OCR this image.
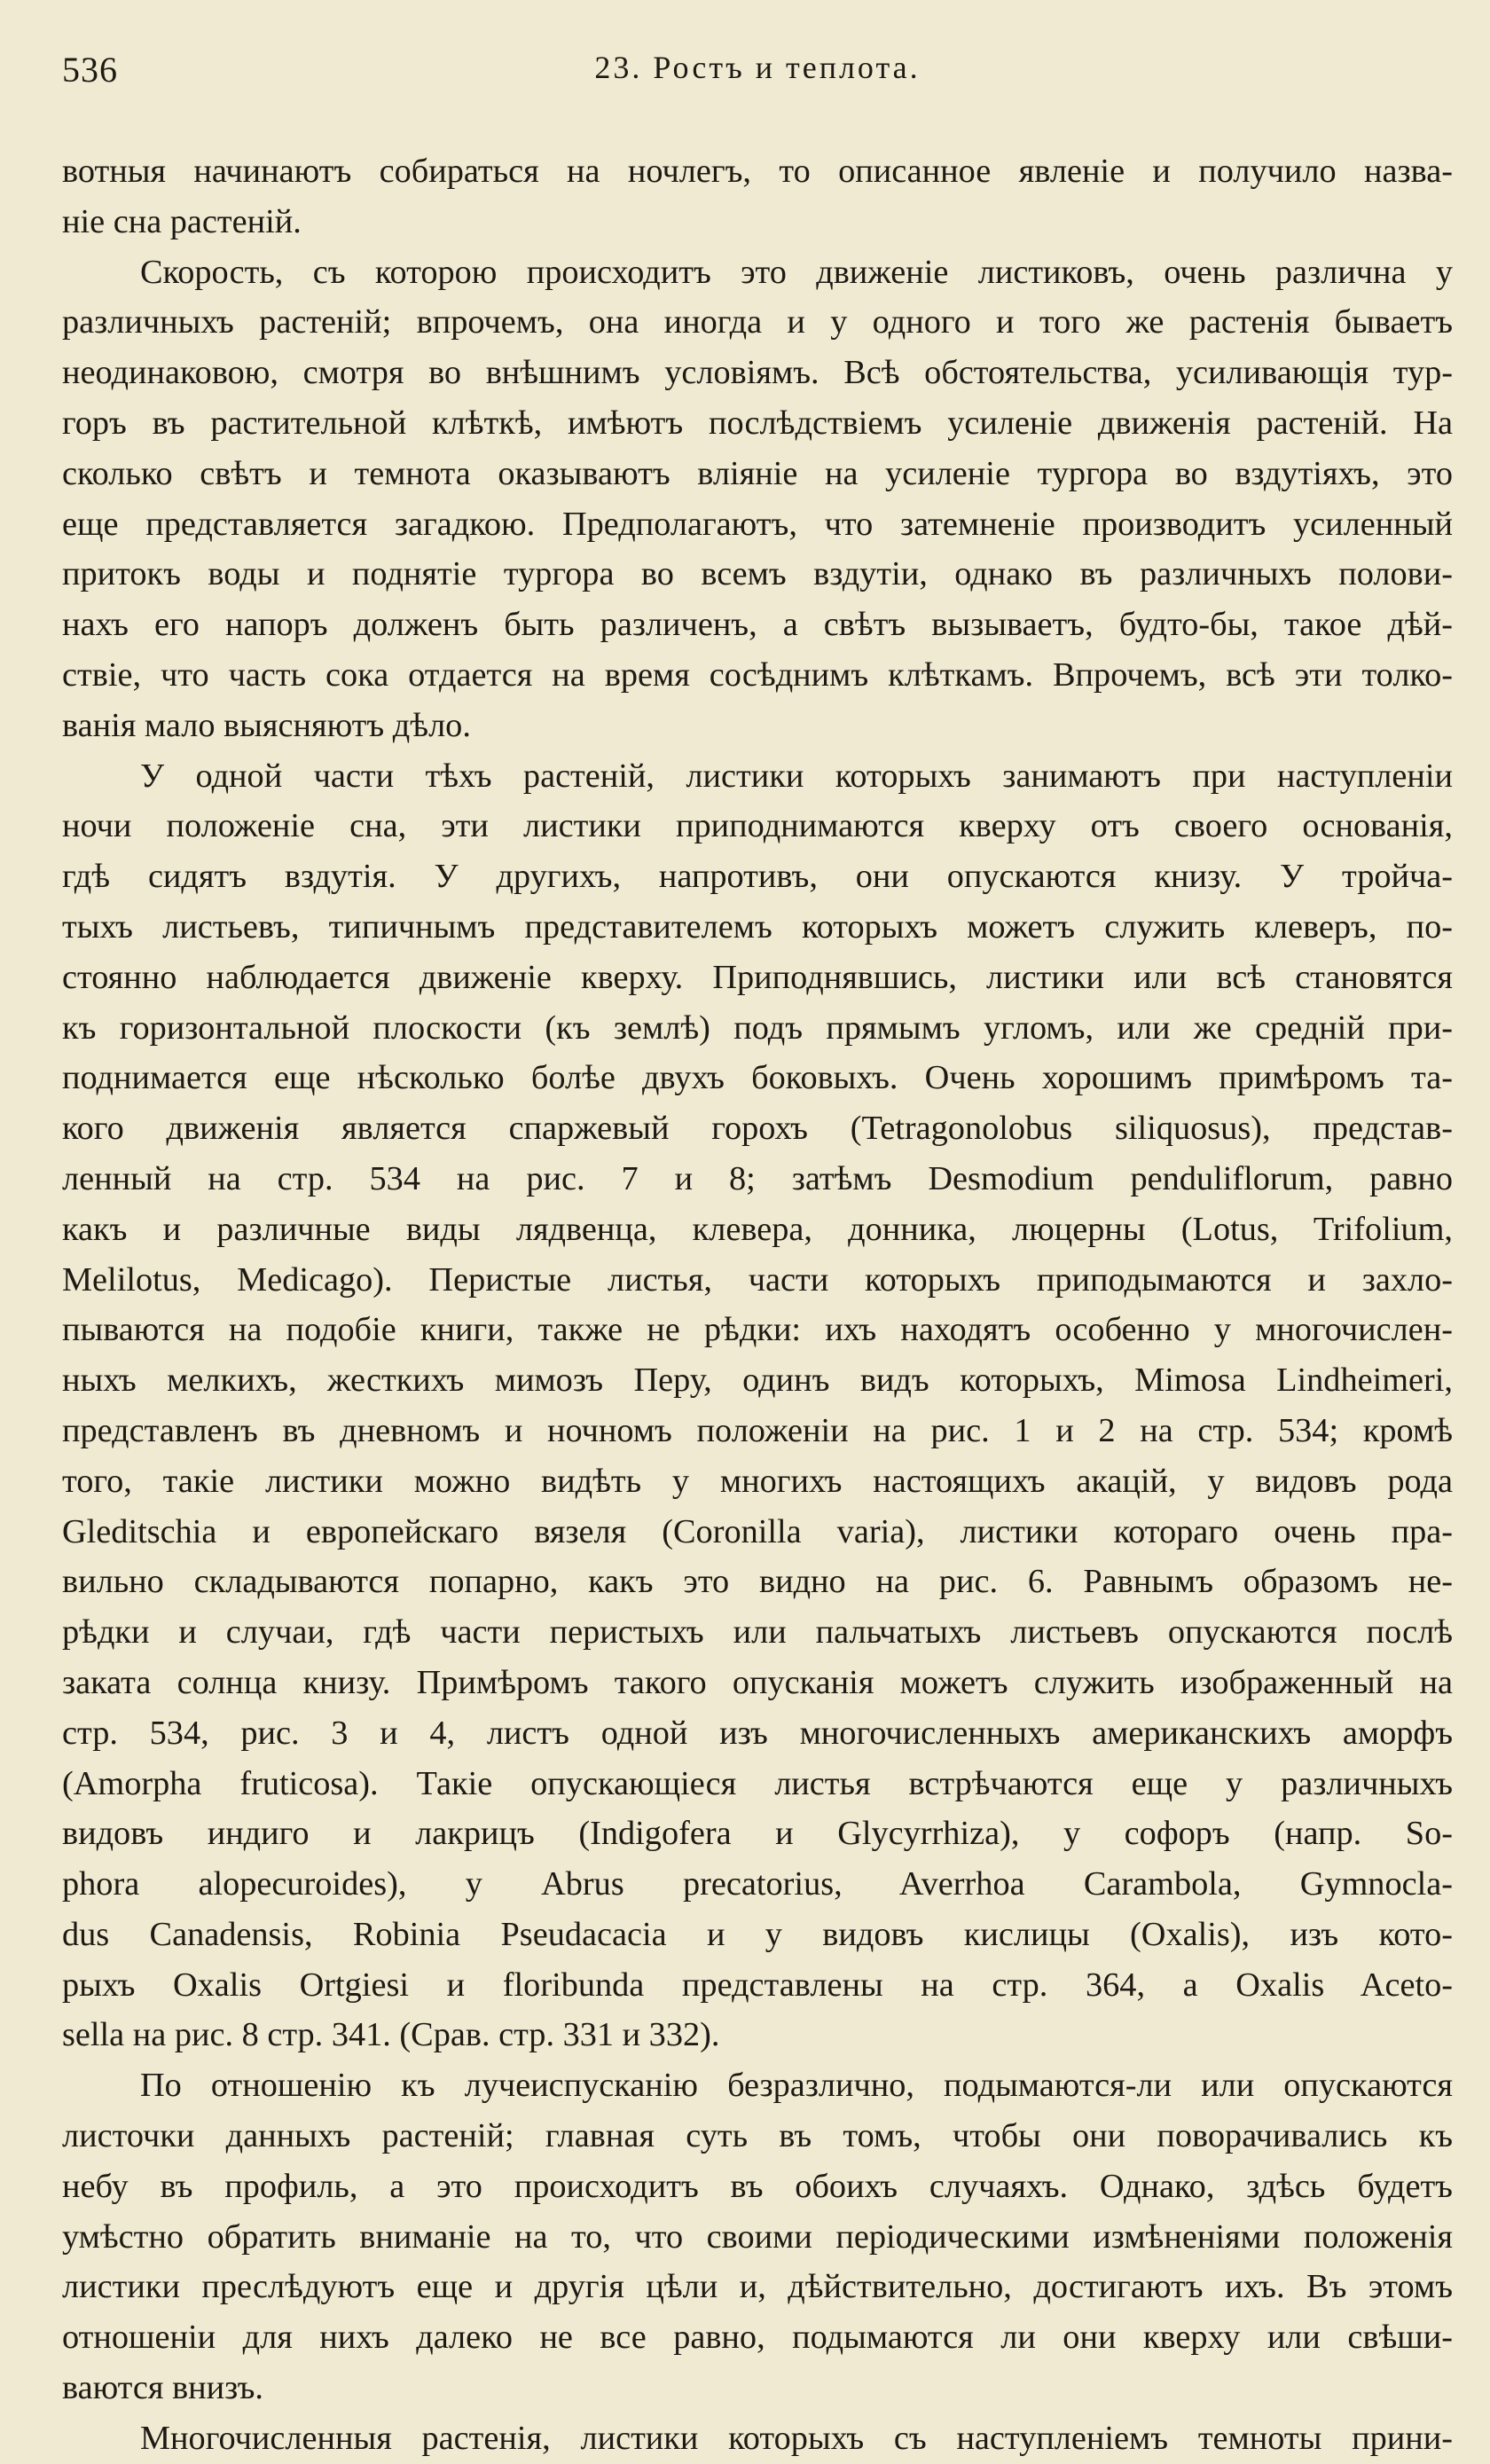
536	23. Ростъ и теплота.
вотныя начинаютъ собираться на ночлегъ, то описанное явленіе и получило назва-
ніе сна растеній.
Скорость, съ которою происходитъ это движеніе листиковъ, очень различна у
различныхъ растеній; впрочемъ, она иногда и у одного и того же растенія бываетъ
неодинаковою, смотря во внѣшнимъ условіямъ. Всѣ обстоятельства, усиливающія тур-
горъ въ растительной клѣткѣ, имѣютъ послѣдствіемъ усиленіе движенія растеній. На
сколько свѣтъ и темнота оказываютъ вліяніе на усиленіе тургора во вздутіяхъ, это
еще представляется загадкою. Предполагаютъ, что затемненіе производитъ усиленный
притокъ воды и поднятіе тургора во всемъ вздутіи, однако въ различныхъ полови-
нахъ его напоръ долженъ быть различенъ, а свѣтъ вызываетъ, будто-бы, такое дѣй-
ствіе, что часть сока отдается на время сосѣднимъ клѣткамъ. Впрочемъ, всѣ эти толко-
ванія мало выясняютъ дѣло.
У одной части тѣхъ растеній, листики которыхъ занимаютъ при наступленіи
ночи положеніе сна, эти листики приподнимаются кверху отъ своего основанія,
гдѣ сидятъ вздутія. У другихъ, напротивъ, они опускаются книзу. У тройча-
тыхъ листьевъ, типичнымъ представителемъ которыхъ можетъ служить клеверъ, по-
стоянно наблюдается движеніе кверху. Приподнявшись, листики или всѣ становятся
къ горизонтальной плоскости (къ землѣ) подъ прямымъ угломъ, или же средній при-
поднимается еще нѣсколько болѣе двухъ боковыхъ. Очень хорошимъ примѣромъ та-
кого движенія является спаржевый горохъ (Tetragonolobus siliquosus), представ-
ленный на стр. 534 на рис. 7 и 8; затѣмъ Desmodium penduliflorum, равно
какъ и различные виды лядвенца, клевера, донника, люцерны (Lotus, Trifolium,
Melilotus, Medicago). Перистые листья, части которыхъ приподымаются и захло-
пываются на подобіе книги, также не рѣдки: ихъ находятъ особенно у многочислен-
ныхъ мелкихъ, жесткихъ мимозъ Перу, одинъ видъ которыхъ, Mimosa Lindheimeri,
представленъ въ дневномъ и ночномъ положеніи на рис. 1 и 2 на стр. 534; кромѣ
того, такіе листики можно видѣть у многихъ настоящихъ акацій, у видовъ рода
Gleditschia и европейскаго вязеля (Coronilla varia), листики котораго очень пра-
вильно складываются попарно, какъ это видно на рис. 6. Равнымъ образомъ не-
рѣдки и случаи, гдѣ части перистыхъ или пальчатыхъ листьевъ опускаются послѣ
заката солнца книзу. Примѣромъ такого опусканія можетъ служить изображенный на
стр. 534, рис. 3 и 4, листъ одной изъ многочисленныхъ американскихъ аморфъ
(Amorpha fruticosa). Такіе опускающіеся листья встрѣчаются еще у различныхъ
видовъ индиго и лакрицъ (Indigofera и Glycyrrhiza), у софоръ (напр. So-
phora alopecuroides), у Abrus precatorius, Averrhoa Carambola, Gymnocla-
dus Canadensis, Robinia Pseudacacia и у видовъ кислицы (Oxalis), изъ кото-
рыхъ Oxalis Ortgiesi и floribunda представлены на стр. 364, а Oxalis Aceto-
sella на рис. 8 стр. 341. (Срав. стр. 331 и 332).
По отношенію къ лучеиспусканію безразлично, подымаются-ли или опускаются
листочки данныхъ растеній; главная суть въ томъ, чтобы они поворачивались къ
небу въ профиль, а это происходитъ въ обоихъ случаяхъ. Однако, здѣсь будетъ
умѣстно обратить вниманіе на то, что своими періодическими измѣненіями положенія
листики преслѣдуютъ еще и другія цѣли и, дѣйствительно, достигаютъ ихъ. Въ этомъ
отношеніи для нихъ далеко не все равно, подымаются ли они кверху или свѣши-
ваются внизъ.
Многочисленныя растенія, листики которыхъ съ наступленіемъ темноты прини-
